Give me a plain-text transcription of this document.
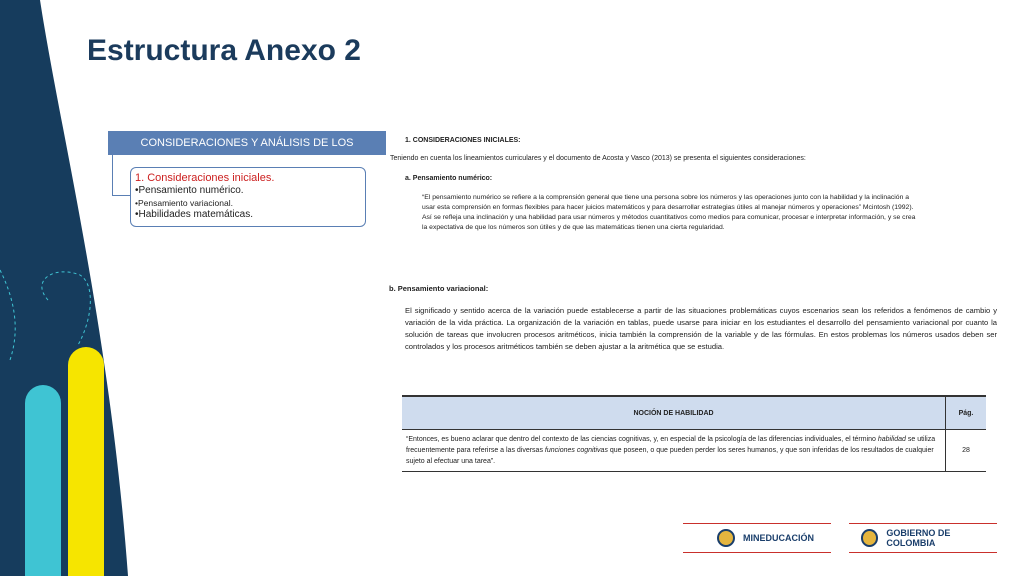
Estructura Anexo 2
CONSIDERACIONES Y ANÁLISIS DE LOS RESULTADOS
1. Consideraciones iniciales.
•Pensamiento numérico.
•Pensamiento variacional.
•Habilidades matemáticas.
1. CONSIDERACIONES INICIALES:
Teniendo en cuenta los lineamientos curriculares y el documento de Acosta y Vasco (2013) se presenta el siguientes consideraciones:
a. Pensamiento numérico:
“El pensamiento numérico se refiere a la comprensión general que tiene una persona sobre los números y las operaciones junto con la habilidad y la inclinación a usar esta comprensión en formas flexibles para hacer juicios matemáticos y para desarrollar estrategias útiles al manejar números y operaciones” Mcintosh (1992). Así se refleja una inclinación y una habilidad para usar números y métodos cuantitativos como medios para comunicar, procesar e interpretar información, y se crea la expectativa de que los números son útiles y de que las matemáticas tienen una cierta regularidad.
b. Pensamiento variacional:
El significado y sentido acerca de la variación puede establecerse a partir de las situaciones problemáticas cuyos escenarios sean los referidos a fenómenos de cambio y variación de la vida práctica. La organización de la variación en tablas, puede usarse para iniciar en los estudiantes el desarrollo del pensamiento variacional por cuanto la solución de tareas que involucren procesos aritméticos, inicia también la comprensión de la variable y de las fórmulas. En estos problemas los números usados deben ser controlados y los procesos aritméticos también se deben ajustar a la aritmética que se estudia.
NOCIÓN DE HABILIDAD	Pág.
“Entonces, es bueno aclarar que dentro del contexto de las ciencias cognitivas, y, en especial de la psicología de las diferencias individuales, el término habilidad se utiliza frecuentemente para referirse a las diversas funciones cognitivas que poseen, o que pueden perder los seres humanos, y que son inferidas de los resultados de cualquier sujeto al efectuar una tarea”.	28
MINEDUCACIÓN	GOBIERNO DE COLOMBIA
